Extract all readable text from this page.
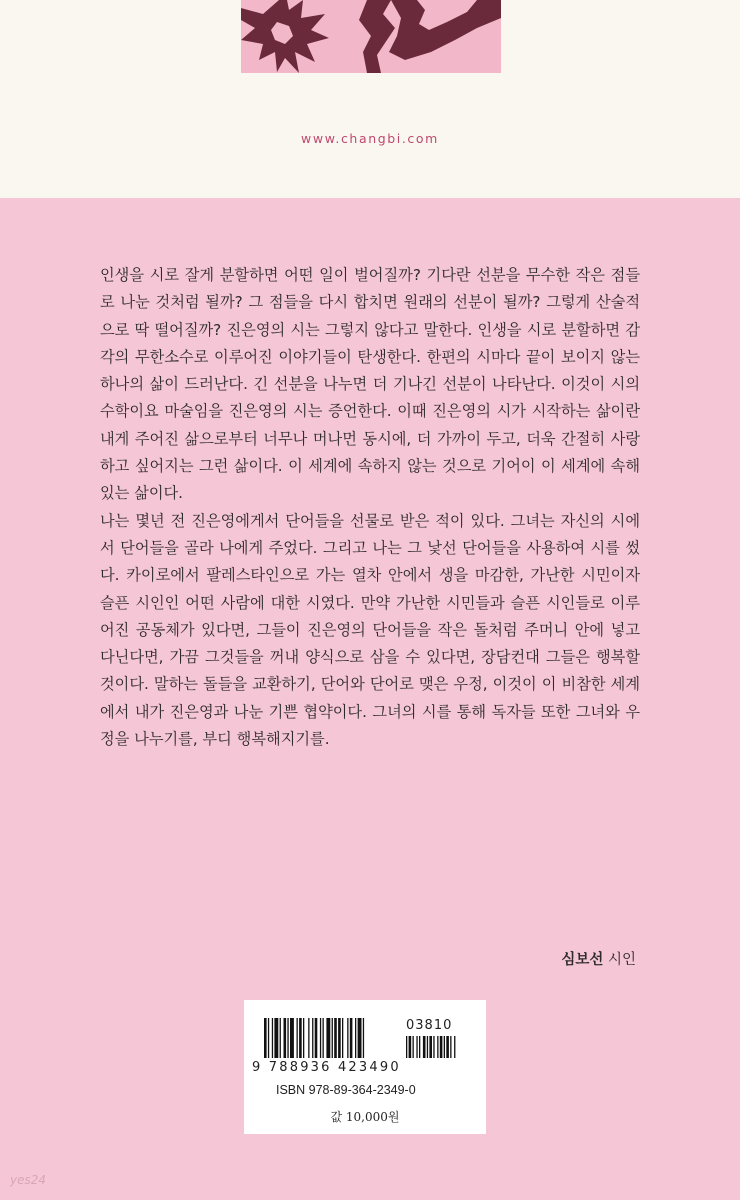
www.changbi.com

인생을 시로 잘게 분할하면 어떤 일이 벌어질까? 기다란 선분을 무수한 작은 점들로 나눈 것처럼 될까? 그 점들을 다시 합치면 원래의 선분이 될까? 그렇게 산술적으로 딱 떨어질까? 진은영의 시는 그렇지 않다고 말한다. 인생을 시로 분할하면 감각의 무한소수로 이루어진 이야기들이 탄생한다. 한편의 시마다 끝이 보이지 않는 하나의 삶이 드러난다. 긴 선분을 나누면 더 기나긴 선분이 나타난다. 이것이 시의 수학이요 마술임을 진은영의 시는 증언한다. 이때 진은영의 시가 시작하는 삶이란 내게 주어진 삶으로부터 너무나 머나먼 동시에, 더 가까이 두고, 더욱 간절히 사랑하고 싶어지는 그런 삶이다. 이 세계에 속하지 않는 것으로 기어이 이 세계에 속해 있는 삶이다.

나는 몇년 전 진은영에게서 단어들을 선물로 받은 적이 있다. 그녀는 자신의 시에서 단어들을 골라 나에게 주었다. 그리고 나는 그 낯선 단어들을 사용하여 시를 썼다. 카이로에서 팔레스타인으로 가는 열차 안에서 생을 마감한, 가난한 시민이자 슬픈 시인인 어떤 사람에 대한 시였다. 만약 가난한 시민들과 슬픈 시인들로 이루어진 공동체가 있다면, 그들이 진은영의 단어들을 작은 돌처럼 주머니 안에 넣고 다닌다면, 가끔 그것들을 꺼내 양식으로 삼을 수 있다면, 장담컨대 그들은 행복할 것이다. 말하는 돌들을 교환하기, 단어와 단어로 맺은 우정, 이것이 이 비참한 세계에서 내가 진은영과 나눈 기쁜 협약이다. 그녀의 시를 통해 독자들 또한 그녀와 우정을 나누기를, 부디 행복해지기를.

심보선 시인
03810
9 788936 423490
ISBN 978-89-364-2349-0
값 10,000원
yes24
